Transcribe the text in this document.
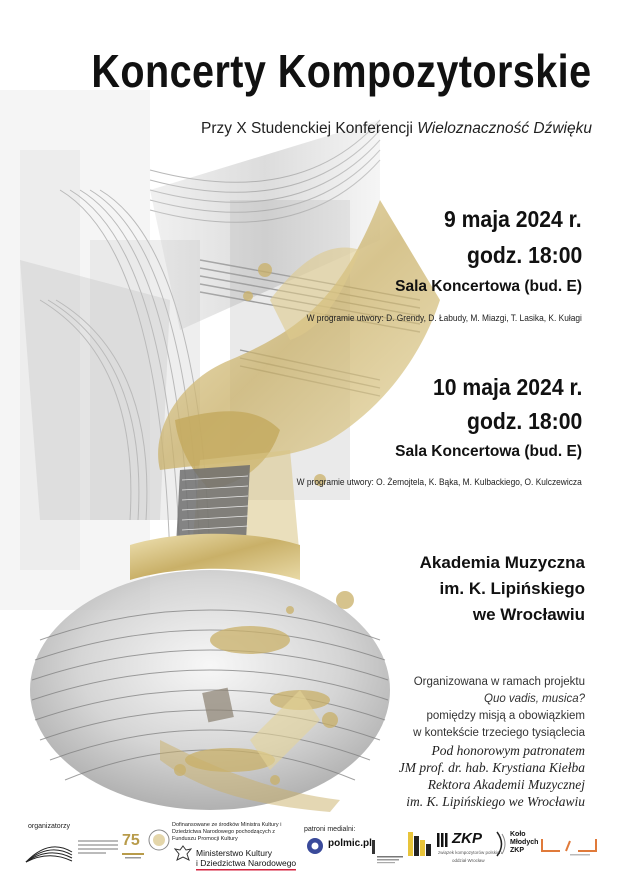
Koncerty Kompozytorskie
Przy X Studenckiej Konferencji Wieloznaczność Dźwięku
9 maja 2024 r.
godz. 18:00
Sala Koncertowa (bud. E)
W programie utwory: D. Grendy, D. Łabudy, M. Miazgi, T. Lasika, K. Kułagi
10 maja 2024 r.
godz. 18:00
Sala Koncertowa (bud. E)
W programie utwory: O. Żemojtela, K. Bąka, M. Kulbackiego, O. Kulczewicza
Akademia Muzyczna
im. K. Lipińskiego
we Wrocławiu
Organizowana w ramach projektu
Quo vadis, musica?
pomiędzy misją a obowiązkiem
w kontekście trzeciego tysiąclecia
Pod honorowym patronatem
JM prof. dr. hab. Krystiana Kiełba
Rektora Akademii Muzycznej
im. K. Lipińskiego we Wrocławiu
organizatorzy
75
Dofinansowane ze środków Ministra Kultury i Dziedzictwa Narodowego pochodzących z Funduszu Promocji Kultury
Ministerstwo Kultury
i Dziedzictwa Narodowego
patroni medialni:
polmic.pl	ZKP
związek kompozytorów polskich
oddział Wrocław
Koło
Młodych
ZKP
